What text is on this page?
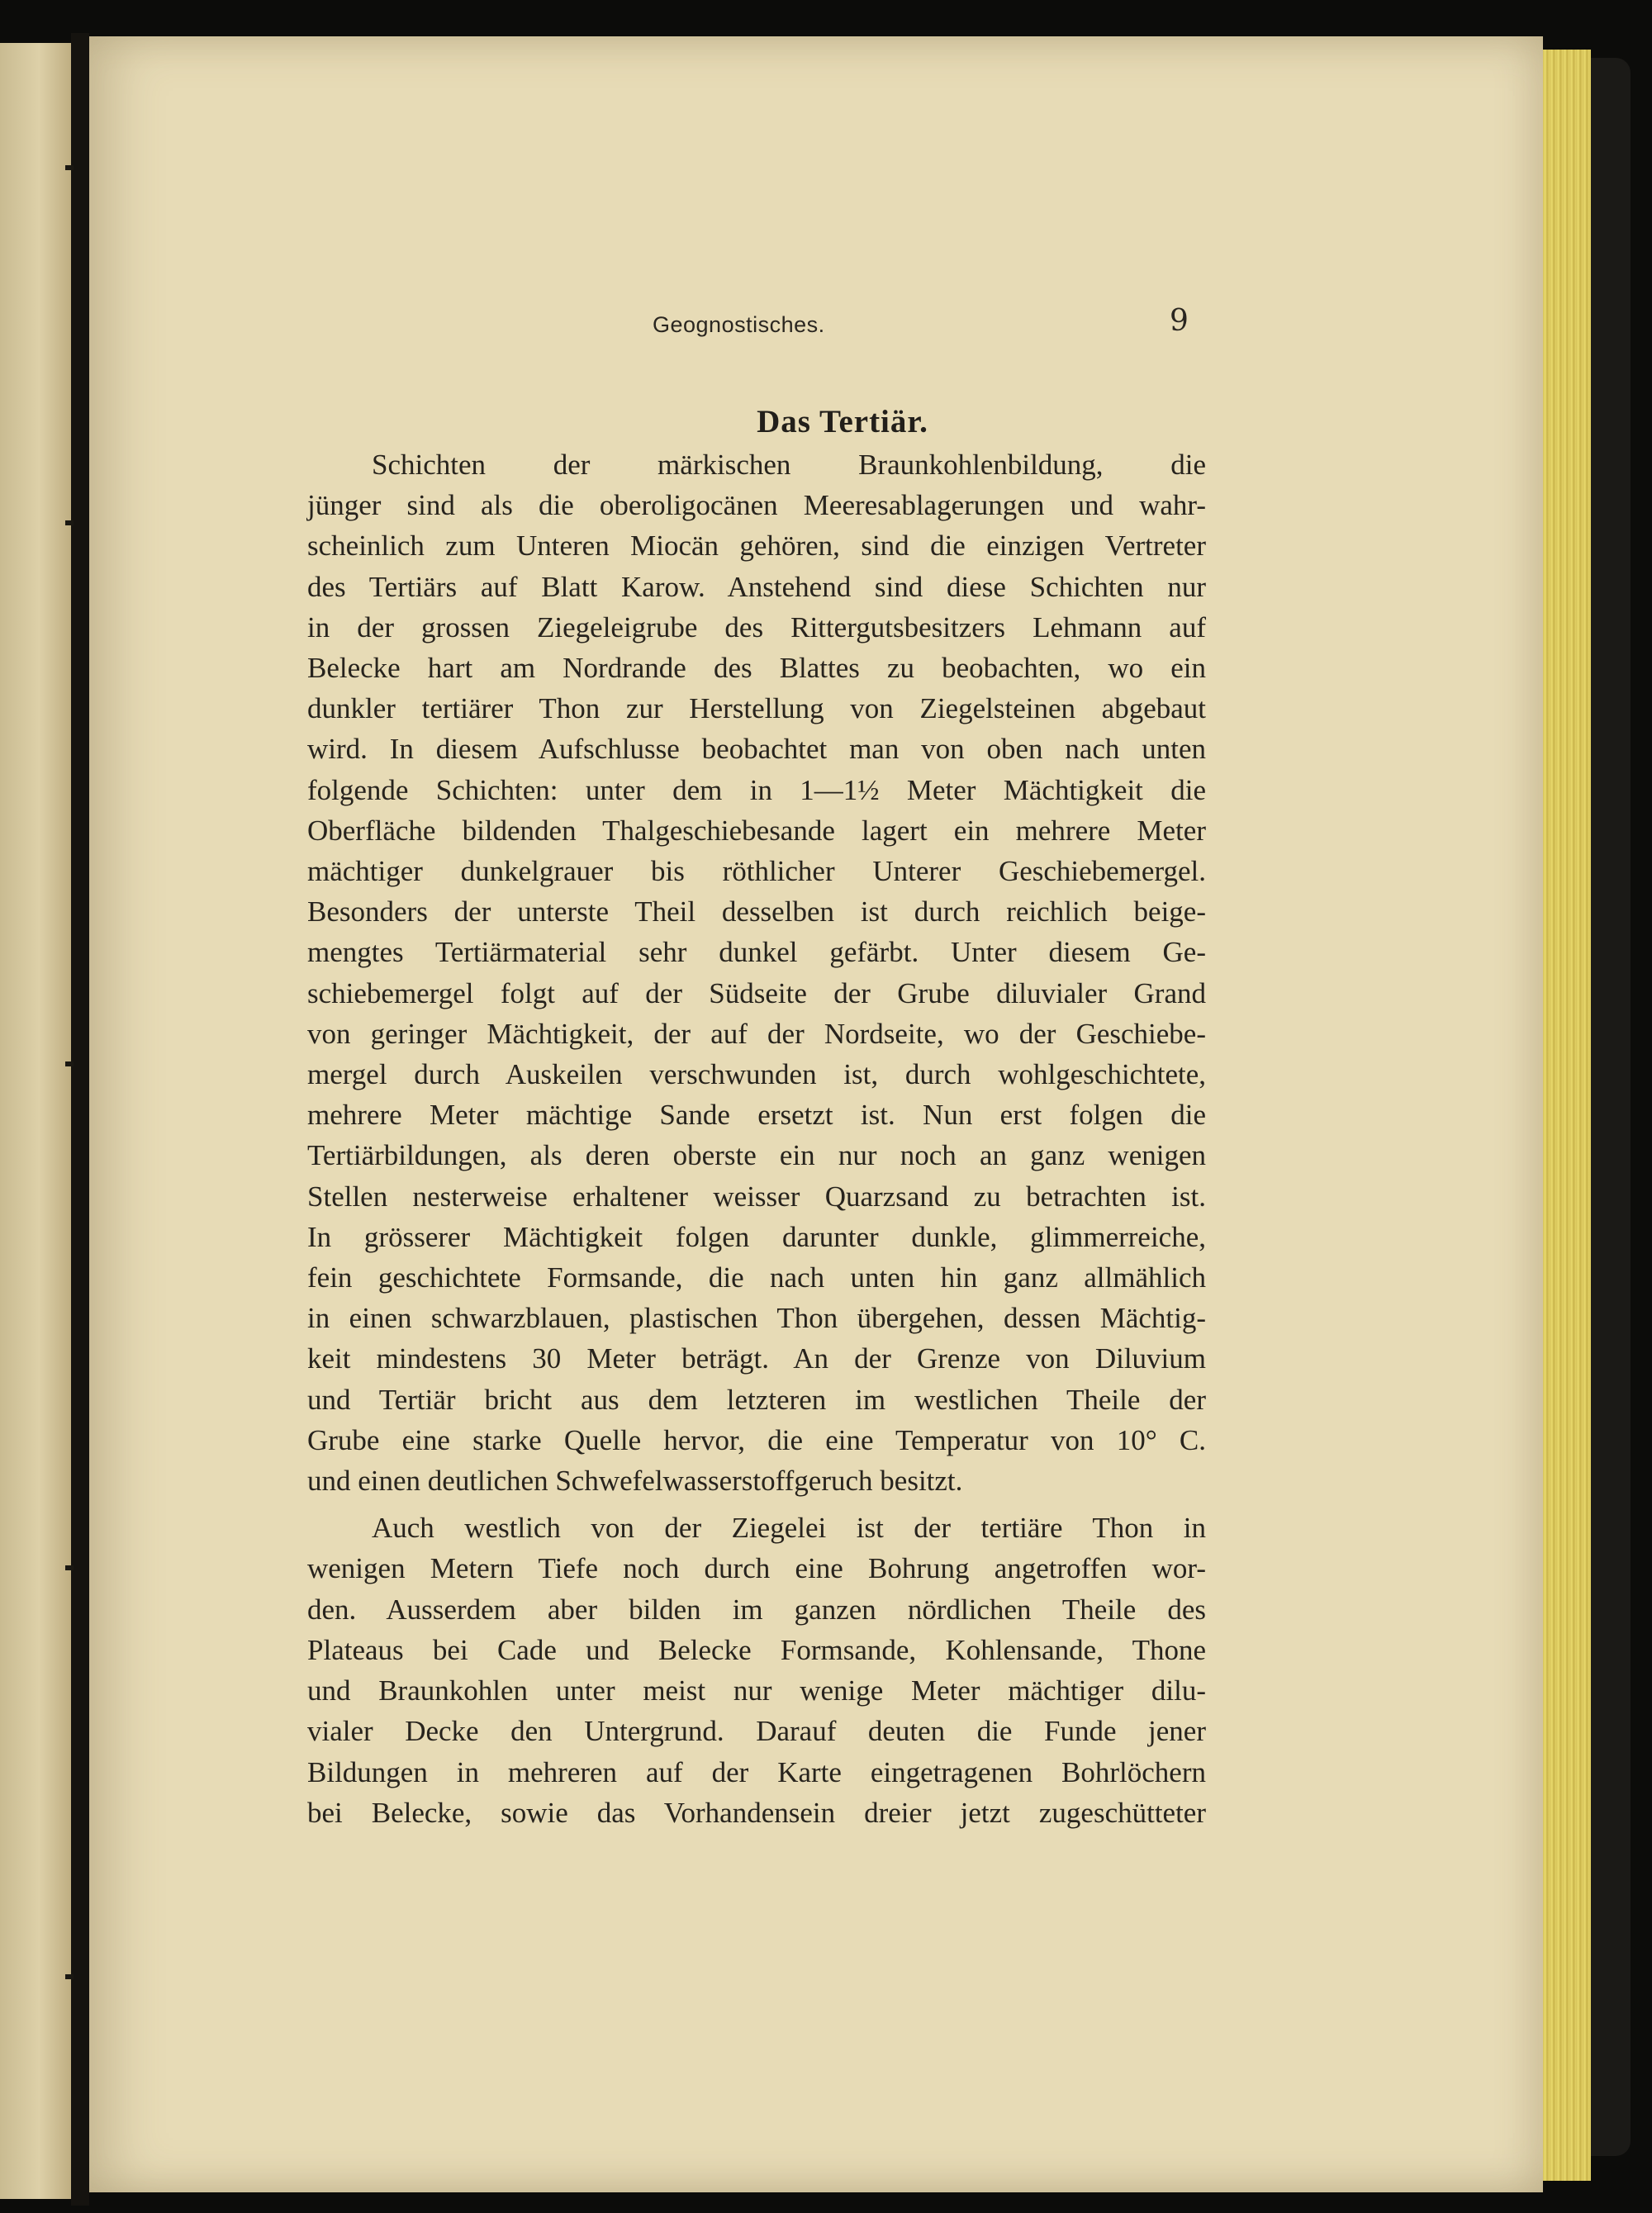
Geognostisches.	9
Das Tertiär.
Schichten der märkischen Braunkohlenbildung, die
jünger sind als die oberoligocänen Meeresablagerungen und wahr-
scheinlich zum Unteren Miocän gehören, sind die einzigen Vertreter
des Tertiärs auf Blatt Karow. Anstehend sind diese Schichten nur
in der grossen Ziegeleigrube des Rittergutsbesitzers Lehmann auf
Belecke hart am Nordrande des Blattes zu beobachten, wo ein
dunkler tertiärer Thon zur Herstellung von Ziegelsteinen abgebaut
wird. In diesem Aufschlusse beobachtet man von oben nach unten
folgende Schichten: unter dem in 1—1½ Meter Mächtigkeit die
Oberfläche bildenden Thalgeschiebesande lagert ein mehrere Meter
mächtiger dunkelgrauer bis röthlicher Unterer Geschiebemergel.
Besonders der unterste Theil desselben ist durch reichlich beige-
mengtes Tertiärmaterial sehr dunkel gefärbt. Unter diesem Ge-
schiebemergel folgt auf der Südseite der Grube diluvialer Grand
von geringer Mächtigkeit, der auf der Nordseite, wo der Geschiebe-
mergel durch Auskeilen verschwunden ist, durch wohlgeschichtete,
mehrere Meter mächtige Sande ersetzt ist. Nun erst folgen die
Tertiärbildungen, als deren oberste ein nur noch an ganz wenigen
Stellen nesterweise erhaltener weisser Quarzsand zu betrachten ist.
In grösserer Mächtigkeit folgen darunter dunkle, glimmerreiche,
fein geschichtete Formsande, die nach unten hin ganz allmählich
in einen schwarzblauen, plastischen Thon übergehen, dessen Mächtig-
keit mindestens 30 Meter beträgt. An der Grenze von Diluvium
und Tertiär bricht aus dem letzteren im westlichen Theile der
Grube eine starke Quelle hervor, die eine Temperatur von 10° C.
und einen deutlichen Schwefelwasserstoffgeruch besitzt.
Auch westlich von der Ziegelei ist der tertiäre Thon in
wenigen Metern Tiefe noch durch eine Bohrung angetroffen wor-
den. Ausserdem aber bilden im ganzen nördlichen Theile des
Plateaus bei Cade und Belecke Formsande, Kohlensande, Thone
und Braunkohlen unter meist nur wenige Meter mächtiger dilu-
vialer Decke den Untergrund. Darauf deuten die Funde jener
Bildungen in mehreren auf der Karte eingetragenen Bohrlöchern
bei Belecke, sowie das Vorhandensein dreier jetzt zugeschütteter
